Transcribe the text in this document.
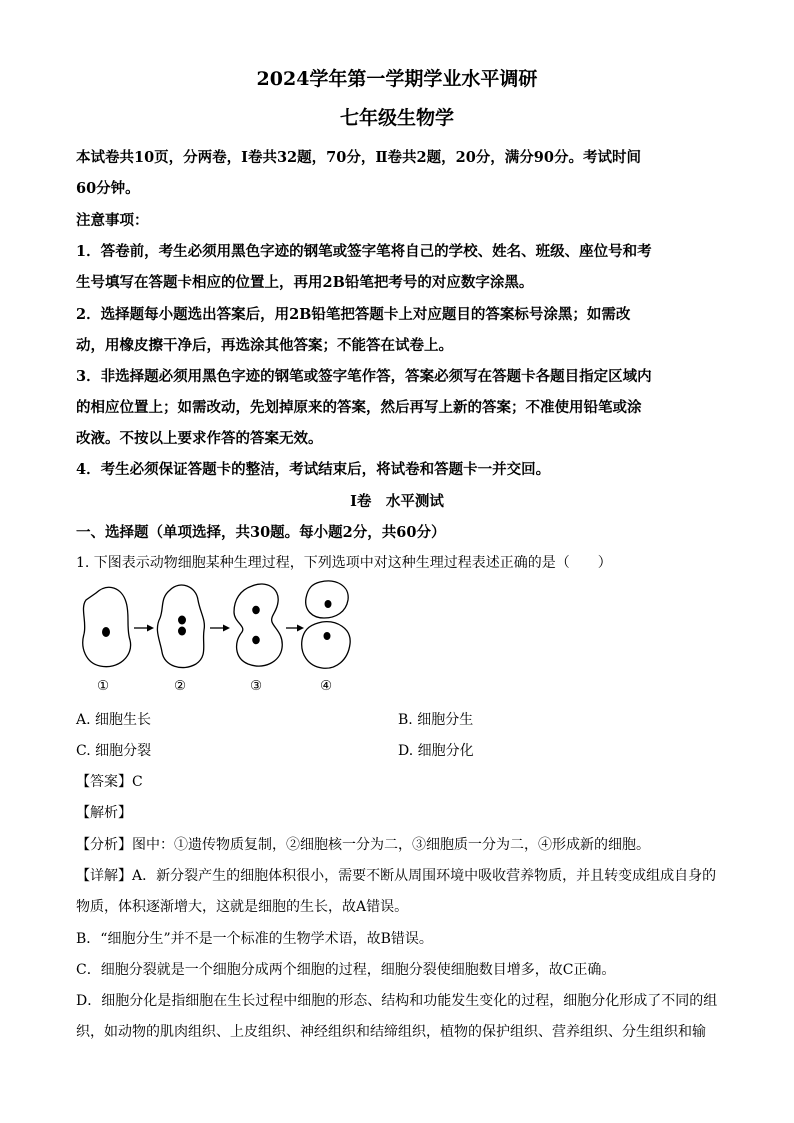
2024学年第一学期学业水平调研
七年级生物学
本试卷共10页，分两卷，Ⅰ卷共32题，70分，Ⅱ卷共2题，20分，满分90分。考试时间
60分钟。
注意事项：
1．答卷前，考生必须用黑色字迹的钢笔或签字笔将自己的学校、姓名、班级、座位号和考
生号填写在答题卡相应的位置上，再用2B铅笔把考号的对应数字涂黑。
2．选择题每小题选出答案后，用2B铅笔把答题卡上对应题目的答案标号涂黑；如需改
动，用橡皮擦干净后，再选涂其他答案；不能答在试卷上。
3．非选择题必须用黑色字迹的钢笔或签字笔作答，答案必须写在答题卡各题目指定区域内
的相应位置上；如需改动，先划掉原来的答案，然后再写上新的答案；不准使用铅笔或涂
改液。不按以上要求作答的答案无效。
4．考生必须保证答题卡的整洁，考试结束后，将试卷和答题卡一并交回。
Ⅰ卷　水平测试
一、选择题（单项选择，共30题。每小题2分，共60分）
1. 下图表示动物细胞某种生理过程，下列选项中对这种生理过程表述正确的是（　　）
①	②	③	④
A. 细胞生长	B. 细胞分生
C. 细胞分裂	D. 细胞分化
【答案】C
【解析】
【分析】图中：①遗传物质复制，②细胞核一分为二，③细胞质一分为二，④形成新的细胞。
【详解】A．新分裂产生的细胞体积很小，需要不断从周围环境中吸收营养物质，并且转变成组成自身的
物质，体积逐渐增大，这就是细胞的生长，故A错误。
B．“细胞分生”并不是一个标准的生物学术语，故B错误。
C．细胞分裂就是一个细胞分成两个细胞的过程，细胞分裂使细胞数目增多，故C正确。
D．细胞分化是指细胞在生长过程中细胞的形态、结构和功能发生变化的过程，细胞分化形成了不同的组
织，如动物的肌肉组织、上皮组织、神经组织和结缔组织，植物的保护组织、营养组织、分生组织和输
